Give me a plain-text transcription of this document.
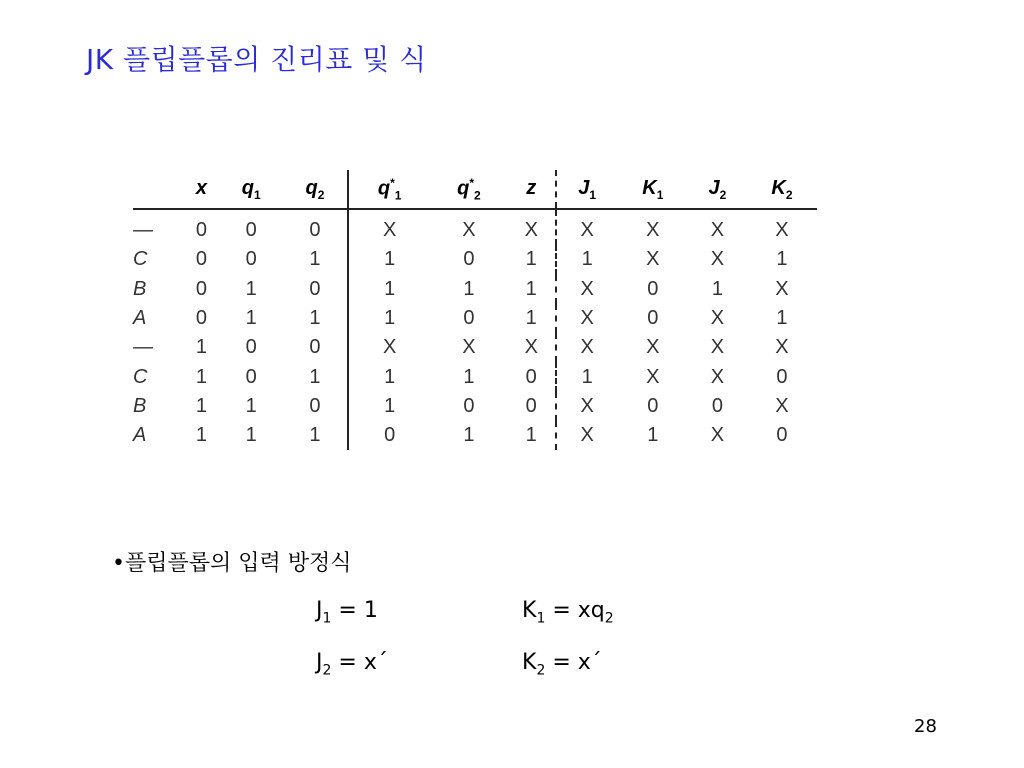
JK 플립플롭의 진리표 및 식
	x	$q_1$	$q_2$	$q^*_1$	$q^*_2$	z	$J_1$	$K_1$	$J_2$	$K_2$
—	0	0	0	X	X	X	X	X	X	X
C	0	0	1	1	0	1	1	X	X	1
B	0	1	0	1	1	1	X	0	1	X
A	0	1	1	1	0	1	X	0	X	1
—	1	0	0	X	X	X	X	X	X	X
C	1	0	1	1	1	0	1	X	X	0
B	1	1	0	1	0	0	X	0	0	X
A	1	1	1	0	1	1	X	1	X	0

•플립플롭의 입력 방정식

$J_1 = 1$	$K_1 = xq_2$
$J_2$ = x´	$K_2$ = x´
28
